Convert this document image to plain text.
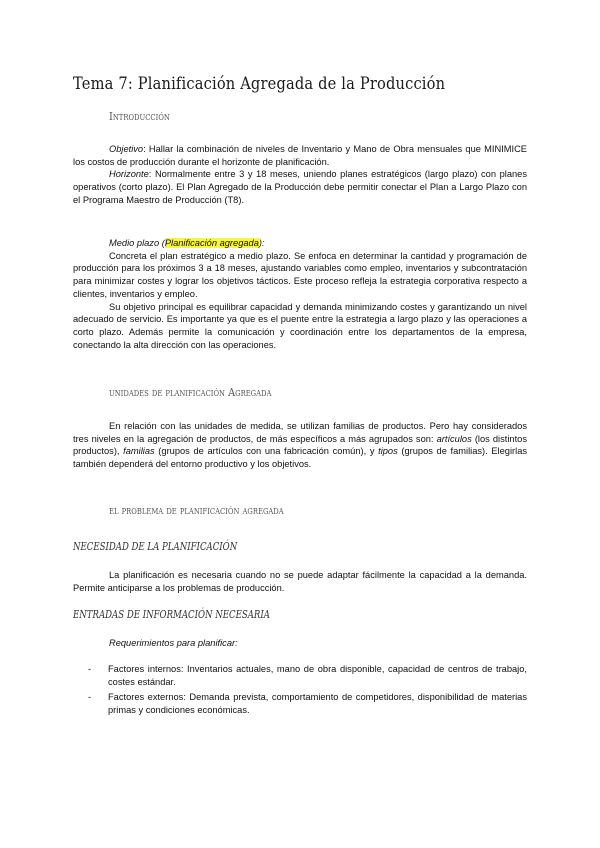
Tema 7: Planificación Agregada de la Producción
Introducción

Objetivo: Hallar la combinación de niveles de Inventario y Mano de Obra mensuales que MINIMICE los costos de producción durante el horizonte de planificación.

Horizonte: Normalmente entre 3 y 18 meses, uniendo planes estratégicos (largo plazo) con planes operativos (corto plazo). El Plan Agregado de la Producción debe permitir conectar el Plan a Largo Plazo con el Programa Maestro de Producción (T8).

Medio plazo (Planificación agregada):

Concreta el plan estratégico a medio plazo. Se enfoca en determinar la cantidad y programación de producción para los próximos 3 a 18 meses, ajustando variables como empleo, inventarios y subcontratación para minimizar costes y lograr los objetivos tácticos. Este proceso refleja la estrategia corporativa respecto a clientes, inventarios y empleo.

Su objetivo principal es equilibrar capacidad y demanda minimizando costes y garantizando un nivel adecuado de servicio. Es importante ya que es el puente entre la estrategia a largo plazo y las operaciones a corto plazo. Además permite la comunicación y coordinación entre los departamentos de la empresa, conectando la alta dirección con las operaciones.

unidades de planificación Agregada

En relación con las unidades de medida, se utilizan familias de productos. Pero hay considerados tres niveles en la agregación de productos, de más específicos a más agrupados son: artículos (los distintos productos), familias (grupos de artículos con una fabricación común), y tipos (grupos de familias). Elegirlas también dependerá del entorno productivo y los objetivos.

el problema de planificación agregada
NECESIDAD DE LA PLANIFICACIÓN

La planificación es necesaria cuando no se puede adaptar fácilmente la capacidad a la demanda. Permite anticiparse a los problemas de producción.

ENTRADAS DE INFORMACIÓN NECESARIA

Requerimientos para planificar:

- Factores internos: Inventarios actuales, mano de obra disponible, capacidad de centros de trabajo, costes estándar.
- Factores externos: Demanda prevista, comportamiento de competidores, disponibilidad de materias primas y condiciones económicas.
